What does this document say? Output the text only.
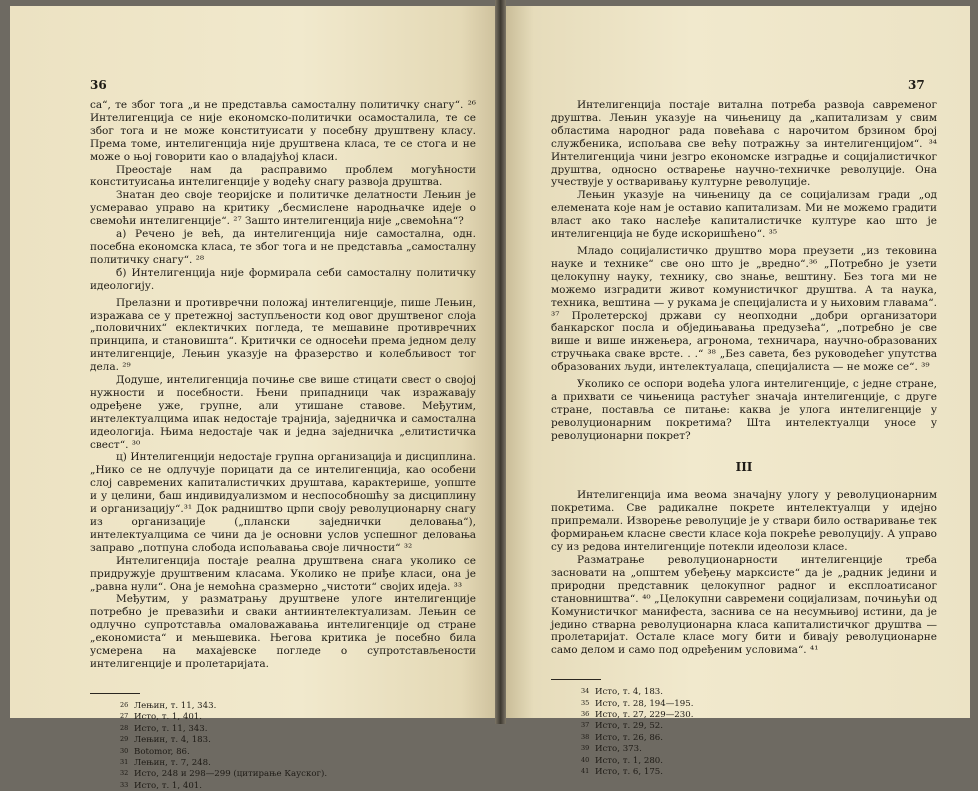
36

са“, те због тога „и не представља самосталну политичку снагу“. ²⁶ Интелигенција се није економско-политички осамосталила, те се због тога и не може конституисати у посебну друштвену класу. Према томе, интелигенција није друштвена класа, те се стога и не може о њој говорити као о владајућој класи.

Преостаје нам да расправимо проблем могућности конституисања интелигенције у водећу снагу развоја друштва.

Знатан део своје теоријске и политичке делатности Лењин је усмеравао управо на критику „бесмислене народњачке идеје о свемоћи интелигенције“. ²⁷ Зашто интелигенција није „свемоћна“?

а) Речено је већ, да интелигенција није самостална, одн. посебна економска класа, те због тога и не представља „самосталну политичку снагу“. ²⁸

б) Интелигенција није формирала себи самосталну политичку идеологију.

Прелазни и противречни положај интелигенције, пише Лењин, изражава се у претежној заступљености код овог друштвеног слоја „половичних“ еклектичких погледа, те мешавине противречних принципа, и становишта“. Критички се односећи према једном делу интелигенције, Лењин указује на фразерство и колебљивост тог дела. ²⁹

Додуше, интелигенција почиње све више стицати свест о својој нужности и посебности. Њени припадници чак изражавају одређене уже, групне, али утишане ставове. Међутим, интелектуалцима ипак недостаје трајнија, заједничка и самостална идеологија. Њима недостаје чак и једна заједничка „елитистичка свест“. ³⁰

ц) Интелигенцији недостаје групна организација и дисциплина. „Нико се не одлучује порицати да се интелигенција, као особени слој савремених капиталистичких друштава, карактерише, уопште и у целини, баш индивидуализмом и неспособношћу за дисциплину и организацију“.³¹ Док радништво црпи своју револуционарну снагу из организације („плански заједнички деловања“), интелектуалцима се чини да је основни услов успешног деловања заправо „потпуна слобода испољавања своје личности“ ³²

Интелигенција постаје реална друштвена снага уколико се придружује друштвеним класама. Уколико не приђе класи, она је „равна нули“. Она је немоћна сразмерно „чистоти“ својих идеја. ³³

Међутим, у разматрању друштвене улоге интелигенције потребно је превазићи и сваки антиинтелектуализам. Лењин се одлучно супротставља омаловажавања интелигенције од стране „економиста“ и мењшевика. Његова критика је посебно била усмерена на махајевске погледе о супротстављености интелигенције и пролетаријата.

26 Лењин, т. 11, 343.
27 Исто, т. 1, 401.
28 Исто, т. 11, 343.
29 Лењин, т. 4, 183.
30 Botomor, 86.
31 Лењин, т. 7, 248.
32 Исто, 248 и 298—299 (цитирање Кауског).
33 Исто, т. 1, 401.
37

Интелигенција постаје витална потреба развоја савременог друштва. Лењин указује на чињеницу да „капитализам у свим областима народног рада повећава с нарочитом брзином број службеника, испољава све већу потражњу за интелигенцијом“. ³⁴ Интелигенција чини језгро економске изградње и социјалистичког друштва, односно остварење научно-техничке револуције. Она учествује у остваривању културне револуције.

Лењин указује на чињеницу да се социјализам гради „од елемената које нам је оставио капитализам. Ми не можемо градити власт ако тако наслеђе капиталистичке културе као што је интелигенција не буде искоришћено“. ³⁵

Младо социјалистичко друштво мора преузети „из тековина науке и технике“ све оно што је „вредно“.³⁶ „Потребно је узети целокупну науку, технику, сво знање, вештину. Без тога ми не можемо изградити живот комунистичког друштва. А та наука, техника, вештина — у рукама је специјалиста и у њиховим главама“. ³⁷ Пролетерској држави су неопходни „добри организатори банкарског посла и обједињавања предузећа“, „потребно је све више и више инжењера, агронома, техничара, научно-образованих стручњака сваке врсте. . .“ ³⁸ „Без савета, без руководећег упутства образованих људи, интелектуалаца, специјалиста — не може се“. ³⁹

Уколико се оспори водећа улога интелигенције, с једне стране, а прихвати се чињеница растућег значаја интелигенције, с друге стране, поставља се питање: каква је улога интелигенције у револуционарним покретима? Шта интелектуалци уносе у револуционарни покрет?

III

Интелигенција има веома значајну улогу у револуционарним покретима. Све радикалне покрете интелектуалци у идејно припремали. Изворење револуције је у ствари било остваривање тек формирањем класне свести класе која покреће револуцију. А управо су из редова интелигенције потекли идеолози класе.

Разматрање револуционарности интелигенције треба засновати на „општем убеђењу марксисте“ да је „радник једини и природни представник целокупног радног и експлоатисаног становништва“. ⁴⁰ „Целокупни савремени социјализам, почињући од Комунистичког манифеста, заснива се на несумњивој истини, да је једино стварна револуционарна класа капиталистичког друштва — пролетаријат. Остале класе могу бити и бивају револуционарне само делом и само под одређеним условима“. ⁴¹

34 Исто, т. 4, 183.
35 Исто, т. 28, 194—195.
36 Исто, т. 27, 229—230.
37 Исто, т. 29, 52.
38 Исто, т. 26, 86.
39 Исто, 373.
40 Исто, т. 1, 280.
41 Исто, т. 6, 175.
